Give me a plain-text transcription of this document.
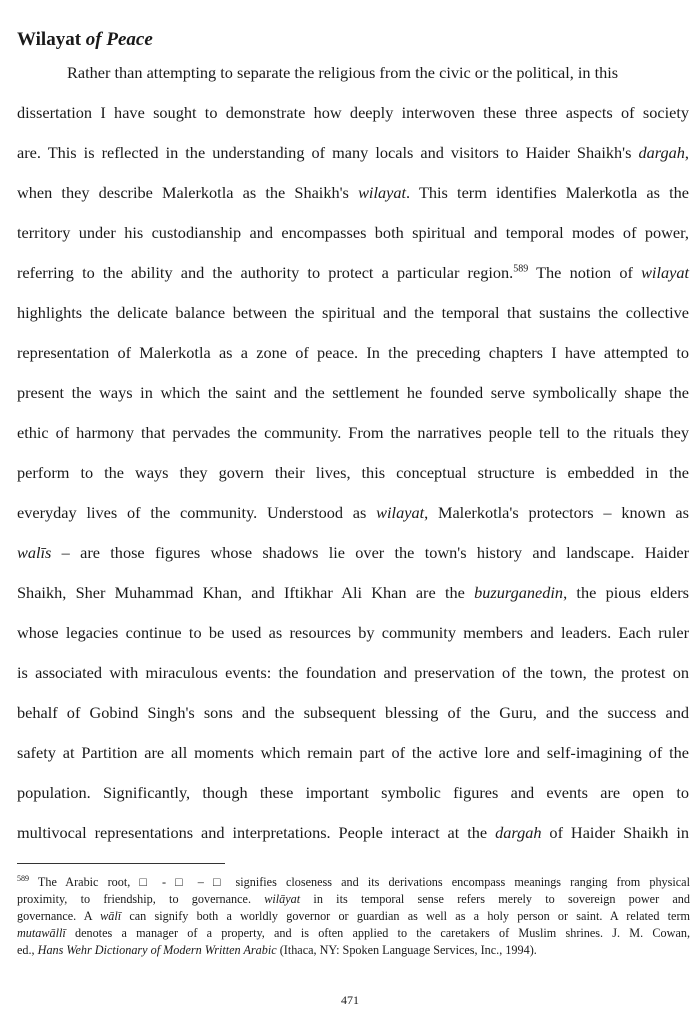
Wilayat of Peace
Rather than attempting to separate the religious from the civic or the political, in this
dissertation I have sought to demonstrate how deeply interwoven these three aspects of society
are. This is reflected in the understanding of many locals and visitors to Haider Shaikh's dargah,
when they describe Malerkotla as the Shaikh's wilayat. This term identifies Malerkotla as the
territory under his custodianship and encompasses both spiritual and temporal modes of power,
referring to the ability and the authority to protect a particular region.$^{589}$ The notion of wilayat
highlights the delicate balance between the spiritual and the temporal that sustains the collective
representation of Malerkotla as a zone of peace. In the preceding chapters I have attempted to
present the ways in which the saint and the settlement he founded serve symbolically shape the
ethic of harmony that pervades the community. From the narratives people tell to the rituals they
perform to the ways they govern their lives, this conceptual structure is embedded in the
everyday lives of the community. Understood as wilayat, Malerkotla's protectors – known as
walīs – are those figures whose shadows lie over the town's history and landscape. Haider
Shaikh, Sher Muhammad Khan, and Iftikhar Ali Khan are the buzurganedin, the pious elders
whose legacies continue to be used as resources by community members and leaders. Each ruler
is associated with miraculous events: the foundation and preservation of the town, the protest on
behalf of Gobind Singh's sons and the subsequent blessing of the Guru, and the success and
safety at Partition are all moments which remain part of the active lore and self-imagining of the
population. Significantly, though these important symbolic figures and events are open to
multivocal representations and interpretations. People interact at the dargah of Haider Shaikh in
$^{589}$ The Arabic root, □ - □ – □ signifies closeness and its derivations encompass meanings ranging from physical
proximity, to friendship, to governance. wilāyat in its temporal sense refers merely to sovereign power and
governance. A wālī can signify both a worldly governor or guardian as well as a holy person or saint. A related term
mutawāllī denotes a manager of a property, and is often applied to the caretakers of Muslim shrines. J. M. Cowan,
ed., Hans Wehr Dictionary of Modern Written Arabic (Ithaca, NY: Spoken Language Services, Inc., 1994).
471
